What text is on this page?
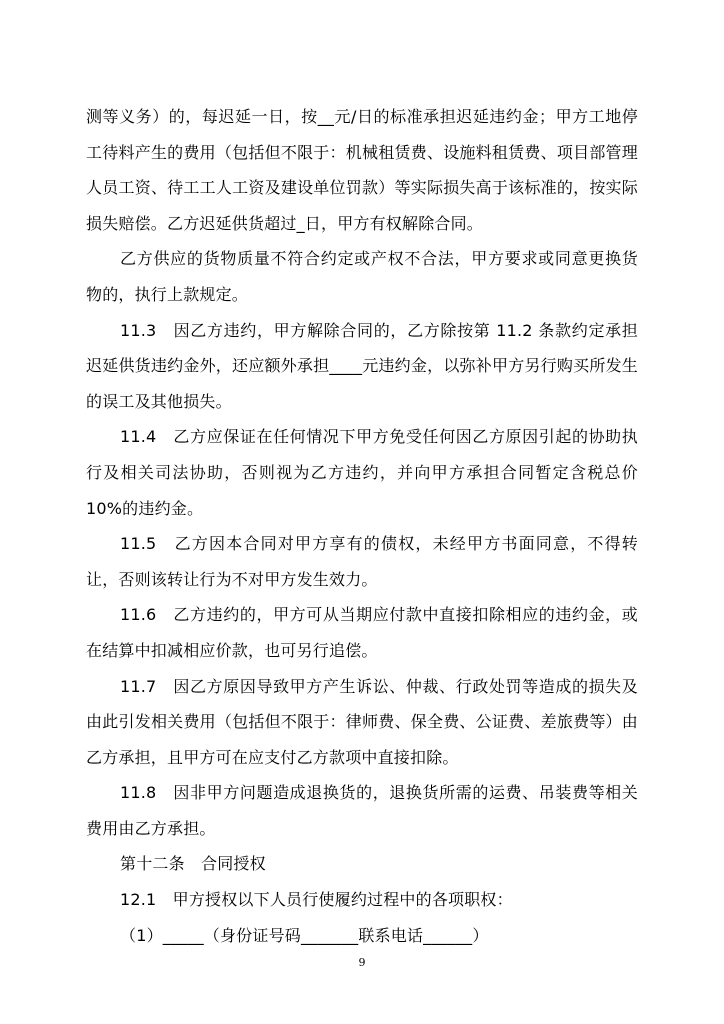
测等义务）的，每迟延一日，按__元/日的标准承担迟延违约金；甲方工地停工待料产生的费用（包括但不限于：机械租赁费、设施料租赁费、项目部管理人员工资、待工工人工资及建设单位罚款）等实际损失高于该标准的，按实际损失赔偿。乙方迟延供货超过_日，甲方有权解除合同。

乙方供应的货物质量不符合约定或产权不合法，甲方要求或同意更换货物的，执行上款规定。

11.3　因乙方违约，甲方解除合同的，乙方除按第 11.2 条款约定承担迟延供货违约金外，还应额外承担____元违约金，以弥补甲方另行购买所发生的误工及其他损失。

11.4　乙方应保证在任何情况下甲方免受任何因乙方原因引起的协助执行及相关司法协助，否则视为乙方违约，并向甲方承担合同暂定含税总价 10%的违约金。

11.5　乙方因本合同对甲方享有的债权，未经甲方书面同意，不得转让，否则该转让行为不对甲方发生效力。

11.6　乙方违约的，甲方可从当期应付款中直接扣除相应的违约金，或在结算中扣减相应价款，也可另行追偿。

11.7　因乙方原因导致甲方产生诉讼、仲裁、行政处罚等造成的损失及由此引发相关费用（包括但不限于：律师费、保全费、公证费、差旅费等）由乙方承担，且甲方可在应支付乙方款项中直接扣除。

11.8　因非甲方问题造成退换货的，退换货所需的运费、吊装费等相关费用由乙方承担。

第十二条　合同授权

12.1　甲方授权以下人员行使履约过程中的各项职权：

（1）_____（身份证号码_______联系电话______）

9
